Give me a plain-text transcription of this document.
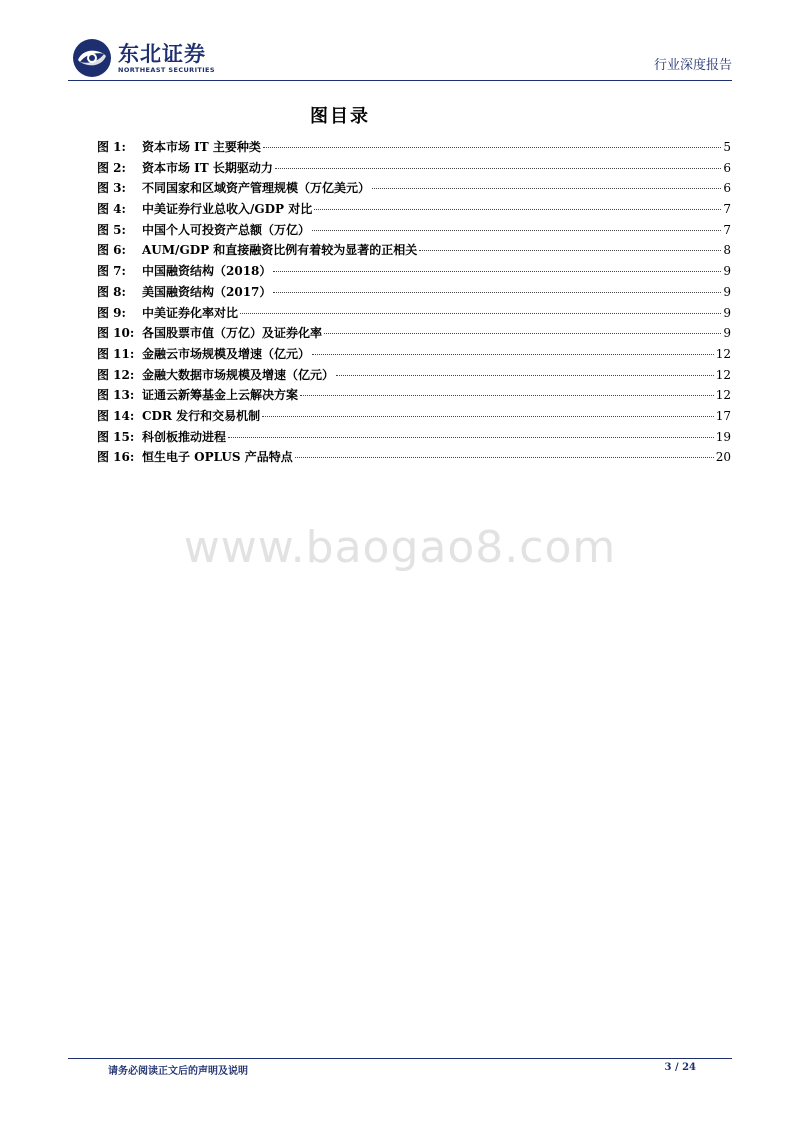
东北证券
NORTHEAST SECURITIES	行业深度报告
图目录
图 1:	资本市场 IT 主要种类	5
图 2:	资本市场 IT 长期驱动力	6
图 3:	不同国家和区域资产管理规模（万亿美元）	6
图 4:	中美证券行业总收入/GDP 对比	7
图 5:	中国个人可投资产总额（万亿）	7
图 6:	AUM/GDP 和直接融资比例有着较为显著的正相关	8
图 7:	中国融资结构（2018）	9
图 8:	美国融资结构（2017）	9
图 9:	中美证券化率对比	9
图 10: 各国股票市值（万亿）及证券化率	9
图 11: 金融云市场规模及增速（亿元）	12
图 12: 金融大数据市场规模及增速（亿元）	12
图 13: 证通云新筹基金上云解决方案	12
图 14: CDR 发行和交易机制	17
图 15: 科创板推动进程	19
图 16: 恒生电子 OPLUS 产品特点	20
www.baogao8.com
请务必阅读正文后的声明及说明	3 / 24
